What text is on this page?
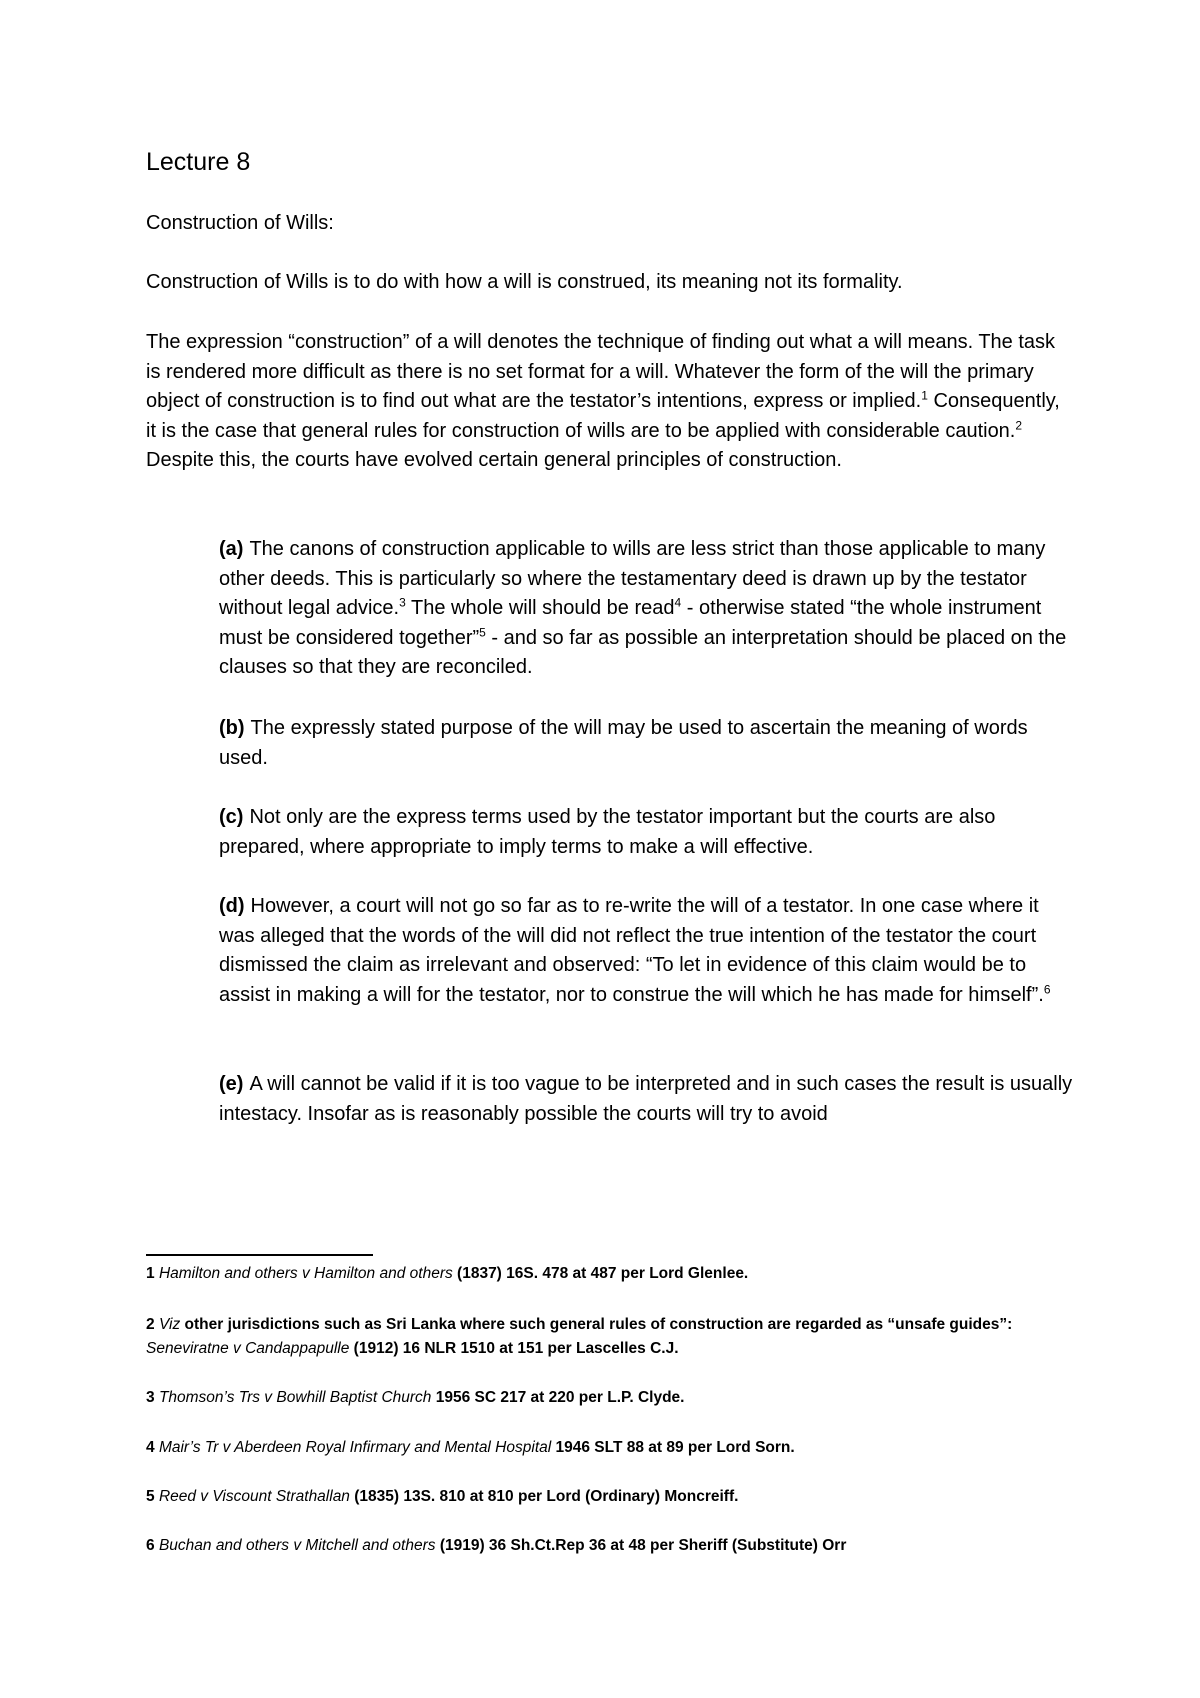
Lecture 8
Construction of Wills:
Construction of Wills is to do with how a will is construed, its meaning not its formality.
The expression “construction” of a will denotes the technique of finding out what a will means. The task is rendered more difficult as there is no set format for a will. Whatever the form of the will the primary object of construction is to find out what are the testator’s intentions, express or implied.$^1$ Consequently, it is the case that general rules for construction of wills are to be applied with considerable caution.$^2$ Despite this, the courts have evolved certain general principles of construction.
(a) The canons of construction applicable to wills are less strict than those applicable to many other deeds. This is particularly so where the testamentary deed is drawn up by the testator without legal advice.$^3$ The whole will should be read$^4$ - otherwise stated “the whole instrument must be considered together”$^5$ - and so far as possible an interpretation should be placed on the clauses so that they are reconciled.
(b) The expressly stated purpose of the will may be used to ascertain the meaning of words used.
(c) Not only are the express terms used by the testator important but the courts are also prepared, where appropriate to imply terms to make a will effective.
(d) However, a court will not go so far as to re-write the will of a testator. In one case where it was alleged that the words of the will did not reflect the true intention of the testator the court dismissed the claim as irrelevant and observed: “To let in evidence of this claim would be to assist in making a will for the testator, nor to construe the will which he has made for himself”.$^6$
(e) A will cannot be valid if it is too vague to be interpreted and in such cases the result is usually intestacy. Insofar as is reasonably possible the courts will try to avoid
1 Hamilton and others v Hamilton and others (1837) 16S. 478 at 487 per Lord Glenlee.
2 Viz other jurisdictions such as Sri Lanka where such general rules of construction are regarded as “unsafe guides”: Seneviratne v Candappapulle (1912) 16 NLR 1510 at 151 per Lascelles C.J.
3 Thomson’s Trs v Bowhill Baptist Church 1956 SC 217 at 220 per L.P. Clyde.
4 Mair’s Tr v Aberdeen Royal Infirmary and Mental Hospital 1946 SLT 88 at 89 per Lord Sorn.
5 Reed v Viscount Strathallan (1835) 13S. 810 at 810 per Lord (Ordinary) Moncreiff.
6 Buchan and others v Mitchell and others (1919) 36 Sh.Ct.Rep 36 at 48 per Sheriff (Substitute) Orr
